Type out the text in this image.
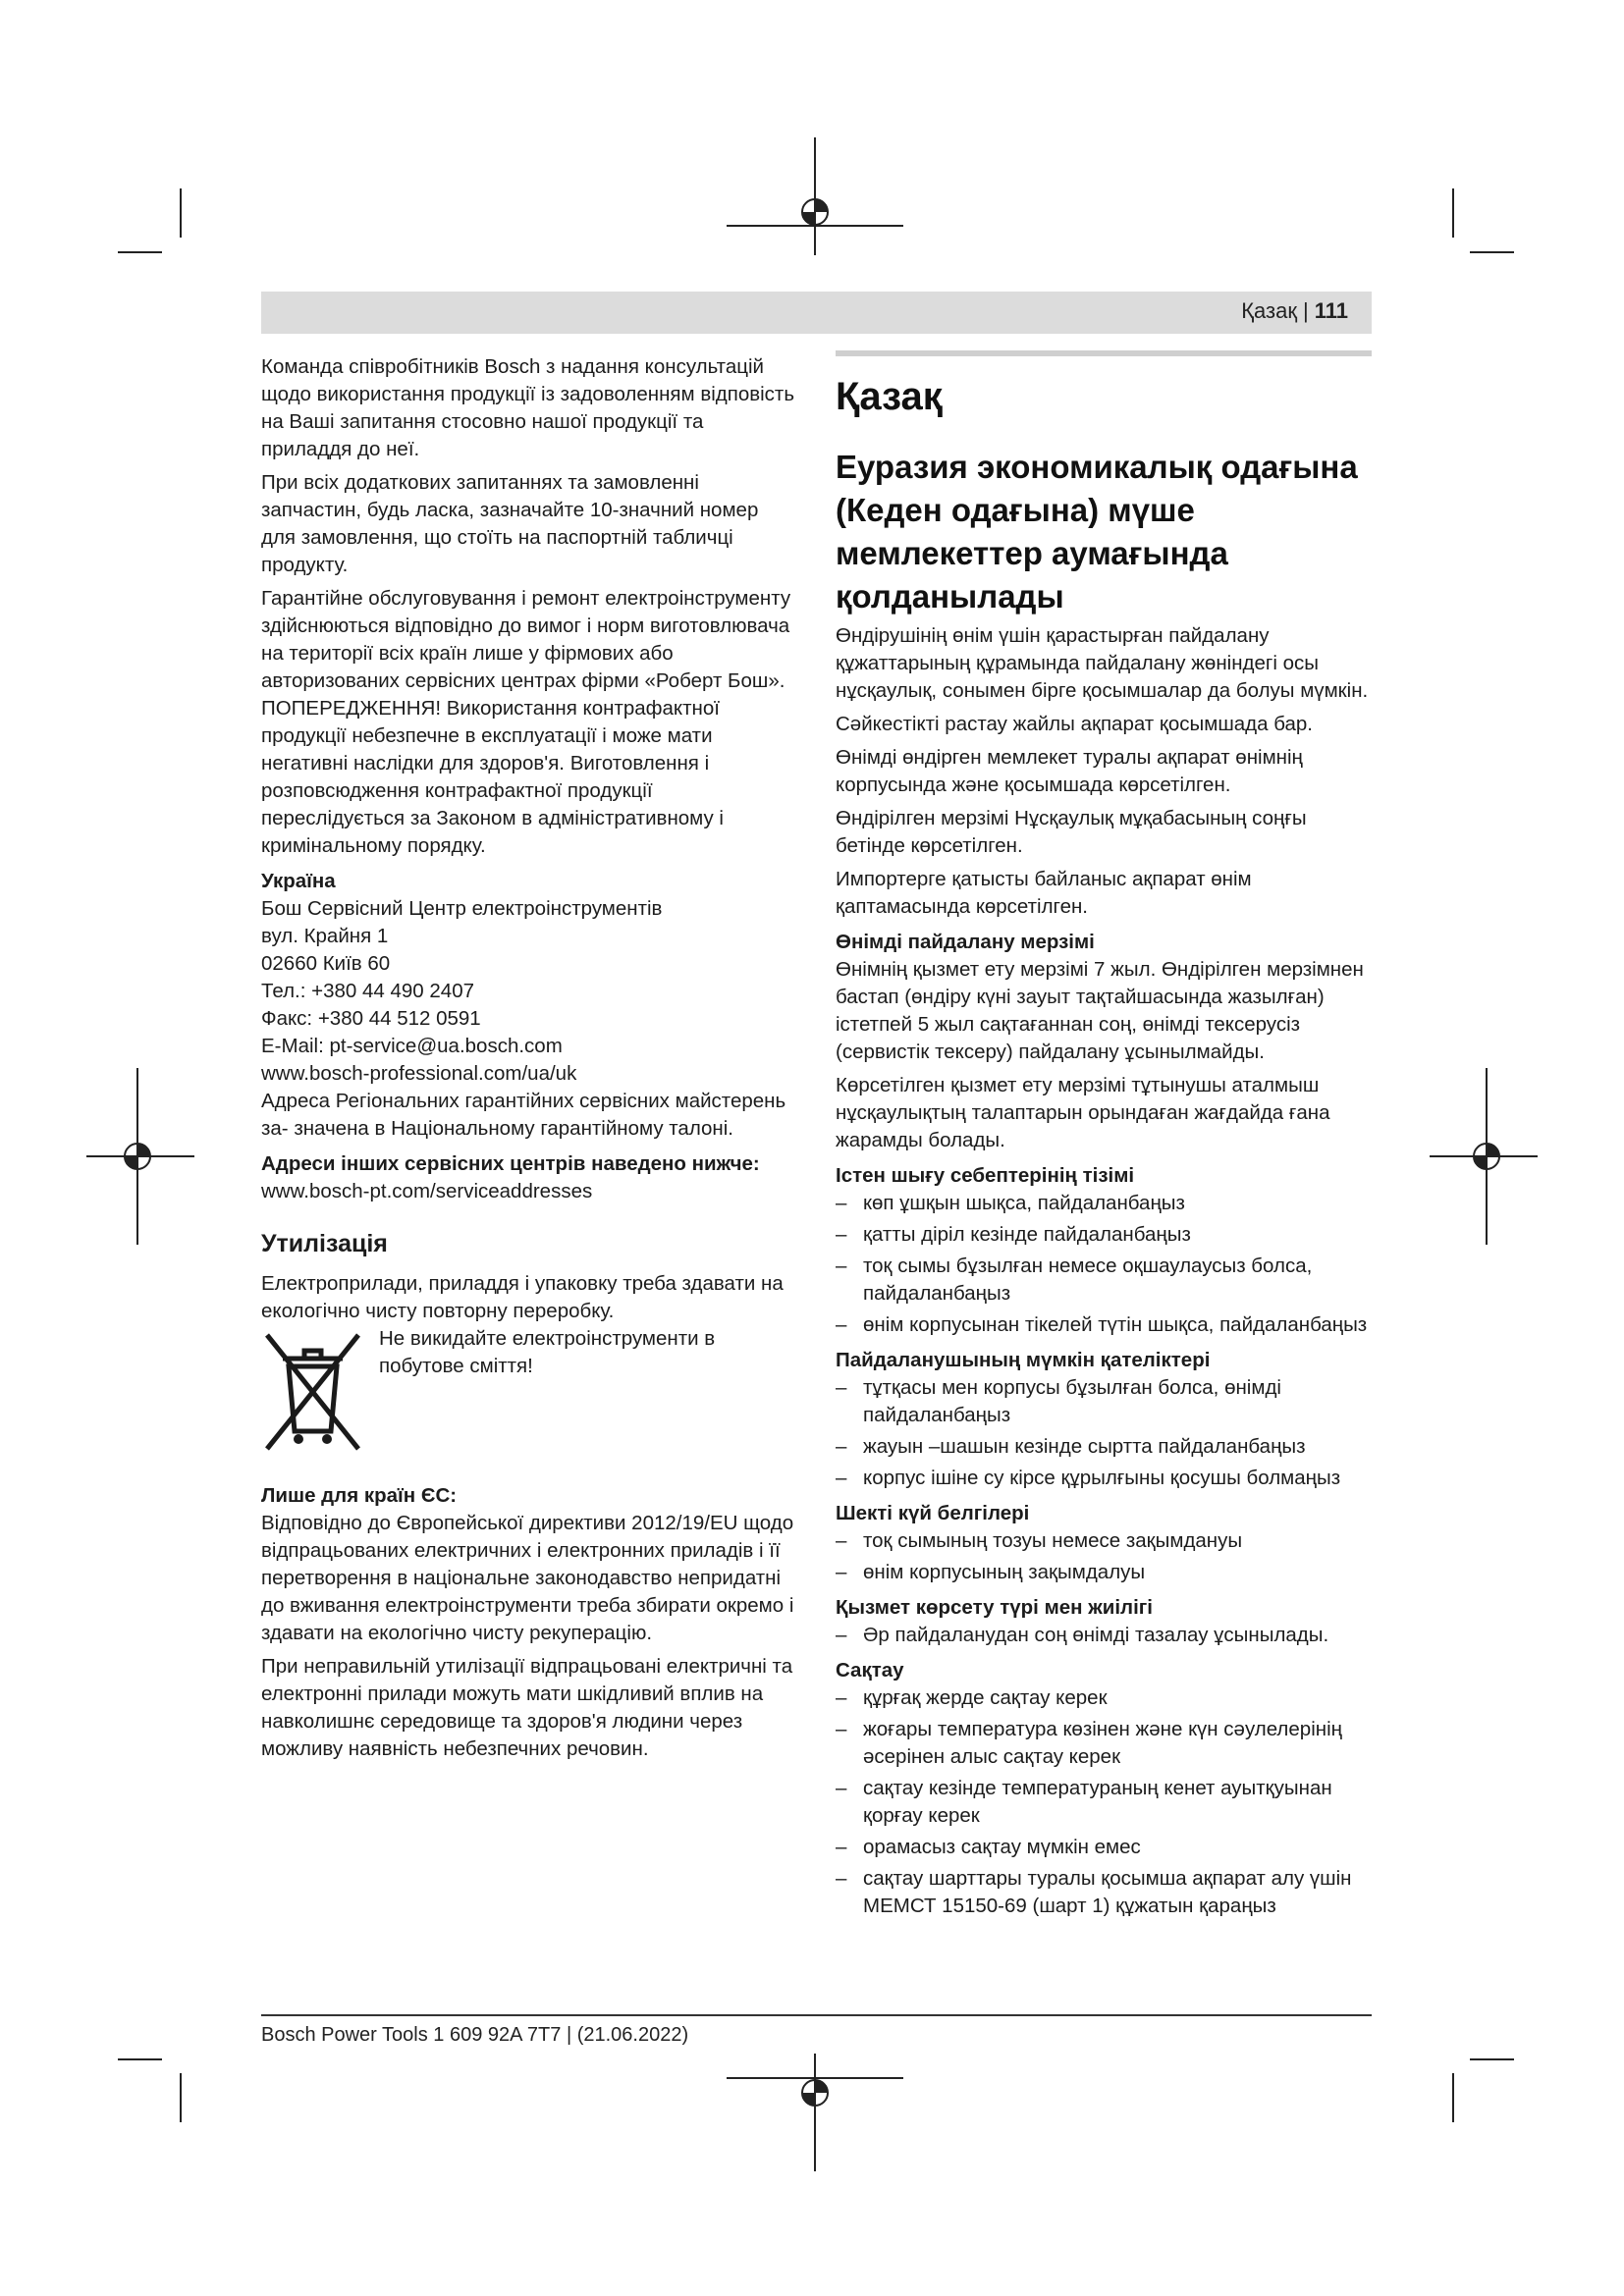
Қазақ | 111

Команда співробітників Bosch з надання консультацій щодо використання продукції із задоволенням відповість на Ваші запитання стосовно нашої продукції та приладдя до неї.

При всіх додаткових запитаннях та замовленні запчастин, будь ласка, зазначайте 10-значний номер для замовлення, що стоїть на паспортній табличці продукту.

Гарантійне обслуговування і ремонт електроінструменту здійснюються відповідно до вимог і норм виготовлювача на території всіх країн лише у фірмових або авторизованих сервісних центрах фірми «Роберт Бош». ПОПЕРЕДЖЕННЯ! Використання контрафактної продукції небезпечне в експлуатації і може мати негативні наслідки для здоров'я. Виготовлення і розповсюдження контрафактної продукції переслідується за Законом в адміністративному і кримінальному порядку.

Україна

Бош Сервісний Центр електроінструментів

вул. Крайня 1

02660 Київ 60

Тел.: +380 44 490 2407

Факс: +380 44 512 0591

E-Mail: pt-service@ua.bosch.com

www.bosch-professional.com/ua/uk

Адреса Регіональних гарантійних сервісних майстерень за- значена в Національному гарантійному талоні.

Адреси інших сервісних центрів наведено нижче:

www.bosch-pt.com/serviceaddresses

Утилізація

Електроприлади, приладдя і упаковку треба здавати на екологічно чисту повторну переробку.

Не викидайте електроінструменти в побутове сміття!
Лише для країн ЄС:

Відповідно до Європейської директиви 2012/19/EU щодо відпрацьованих електричних і електронних приладів і її перетворення в національне законодавство непридатні до вживання електроінструменти треба збирати окремо і здавати на екологічно чисту рекуперацію.

При неправильній утилізації відпрацьовані електричні та електронні прилади можуть мати шкідливий вплив на навколишнє середовище та здоров'я людини через можливу наявність небезпечних речовин.

Қазақ
Еуразия экономикалық одағына
(Кеден одағына) мүше
мемлекеттер аумағында
қолданылады

Өндірушінің өнім үшін қарастырған пайдалану құжаттарының құрамында пайдалану жөніндегі осы нұсқаулық, сонымен бірге қосымшалар да болуы мүмкін.

Сәйкестікті растау жайлы ақпарат қосымшада бар.

Өнімді өндірген мемлекет туралы ақпарат өнімнің корпусында және қосымшада көрсетілген.

Өндірілген мерзімі Нұсқаулық мұқабасының соңғы бетінде көрсетілген.

Импортерге қатысты байланыс ақпарат өнім қаптамасында көрсетілген.

Өнімді пайдалану мерзімі

Өнімнің қызмет ету мерзімі 7 жыл. Өндірілген мерзімнен бастап (өндіру күні зауыт тақтайшасында жазылған) істетпей 5 жыл сақтағаннан соң, өнімді тексерусіз (сервистік тексеру) пайдалану ұсынылмайды.

Көрсетілген қызмет ету мерзімі тұтынушы аталмыш нұсқаулықтың талаптарын орындаған жағдайда ғана жарамды болады.

Істен шығу себептерінің тізімі
– көп ұшқын шықса, пайдаланбаңыз
– қатты діріл кезінде пайдаланбаңыз
– тоқ сымы бұзылған немесе оқшаулаусыз болса, пайдаланбаңыз
– өнім корпусынан тікелей түтін шықса, пайдаланбаңыз
Пайдаланушының мүмкін қателіктері
– тұтқасы мен корпусы бұзылған болса, өнімді пайдаланбаңыз
– жауын –шашын кезінде сыртта пайдаланбаңыз
– корпус ішіне су кірсе құрылғыны қосушы болмаңыз
Шекті күй белгілері
– тоқ сымының тозуы немесе зақымдануы
– өнім корпусының зақымдалуы
Қызмет көрсету түрі мен жиілігі
– Әр пайдаланудан соң өнімді тазалау ұсынылады.
Сақтау
– құрғақ жерде сақтау керек
– жоғары температура көзінен және күн сәулелерінің әсерінен алыс сақтау керек
– сақтау кезінде температураның кенет ауытқуынан қорғау керек
– орамасыз сақтау мүмкін емес
– сақтау шарттары туралы қосымша ақпарат алу үшін МЕМСТ 15150-69 (шарт 1) құжатын қараңыз
Bosch Power Tools 1 609 92A 7T7 | (21.06.2022)
